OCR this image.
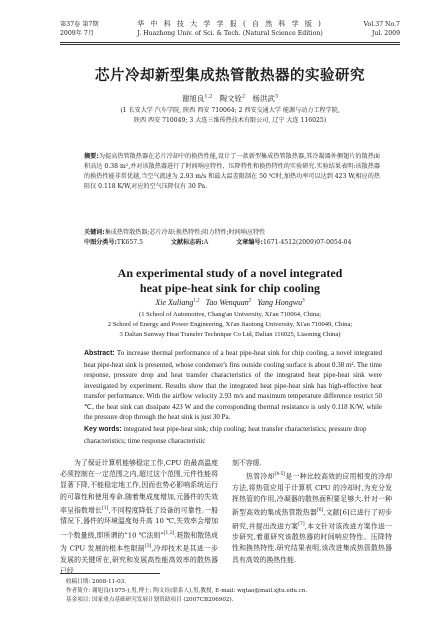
第37卷 第7期
2009年 7月
华 中 科 技 大 学 学 报 ( 自 然 科 学 版 )
J. Huazhong Univ. of Sci. & Tech. (Natural Science Edition)
Vol.37 No.7
Jul. 2009
芯片冷却新型集成热管散热器的实验研究
谢旭良$^{1,2}$ 陶文铨$^2$ 杨洪武$^3$
(1 长安大学 汽车学院, 陕西 西安 710064; 2 西安交通大学 能源与动力工程学院,
陕西 西安 710049; 3 大连三维传热技术有限公司, 辽宁 大连 116025)
摘要:为提高热管散热器在芯片冷却中的换热性能,设计了一款新型集成热管散热器,其冷凝器外侧翅片的散热面积高达 0.38 m²,并对该散热器进行了时间响应特性、压降特性和换热特性的实验研究.实验结果表明:该散热器的换热性能非常优越,当空气流速为 2.93 m/s 和最大温差限制在 50 ℃时,加热功率可以达到 423 W,相应的热阻仅 0.118 K/W,对应的空气压降仅有 30 Pa.
关键词:集成热管散热器;芯片冷却;换热特性;阻力特性;时间响应特性
中图分类号:TK657.5	文献标志码:A	文章编号:1671-4512(2009)07-0054-04
An experimental study of a novel integrated
heat pipe-heat sink for chip cooling
Xie Xuliang$^{1,2}$ Tao Wenquan$^2$ Yang Hongwu$^3$
(1 School of Automotive, Chang'an University, Xi'an 710064, China;
2 School of Energy and Power Engineering, Xi'an Jiaotong University, Xi'an 710049, China;
3 Dalian Sunway Heat Transfer Technique Co Ltd, Dalian 116025, Liaoning China)
Abstract: To increase thermal performance of a heat pipe-heat sink for chip cooling, a novel integrated heat pipe-heat sink is presented, whose condenser's fins outside cooling surface is about 0.38 m². The time response, pressure drop and heat transfer characteristics of the integrated heat pipe-heat sink were investigated by experiment. Results show that the integrated heat pipe-heat sink has high-effective heat transfer performance. With the airflow velocity 2.93 m/s and maximum temperature difference restrict 50 ℃, the heat sink can dissipate 423 W and the corresponding thermal resistance is only 0.118 K/W, while the pressure drop through the heat sink is just 30 Pa.
Key words: integrated heat pipe-heat sink; chip cooling; heat transfer characteristics; pressure drop characteristics; time response characteristic

为了保证计算机能够稳定工作,CPU 的最高温度必须控制在一定范围之内,超过这个范围,元件性能将显著下降,不能稳定地工作,因而也势必影响系统运行的可靠性和使用寿命.随着集成度增加,元器件的失效率呈指数增长[1],不同程度降低了设备的可靠性.一般情况下,器件的环境温度每升高 10 ℃,失效率会增加一个数量级,即所谓的“10 ℃法则”[1,2].耗散和散热成为 CPU 发展的根本性限制[3],冷却技术是其进一步发展的关键所在,研究和发展高性能高效率的散热器已经

刻不容缓.

热管冷却[4-5]是一种比较高效的应用相变的冷却方法,将热管应用于计算机 CPU 的冷却时,为充分发挥热管的作用,冷凝器的散热面积要足够大.针对一种新型高效的集成热管散热器[6],文献[6]已进行了初步研究,并提出改进方案[7],本文针对该改进方案作进一步研究,着重研究该散热器的时间响应特性、压降特性和换热特性.研究结果表明,该改进集成热管散热器具有高效的换热性能.

收稿日期: 2008-11-03.
作者简介: 谢旭良(1975-),男,博士; 陶文铨(联系人),男,教授, E-mail: wqtao@mail.xjtu.edu.cn.
基金项目: 国家重点基础研究发展计划资助项目 (2007CB206902).
